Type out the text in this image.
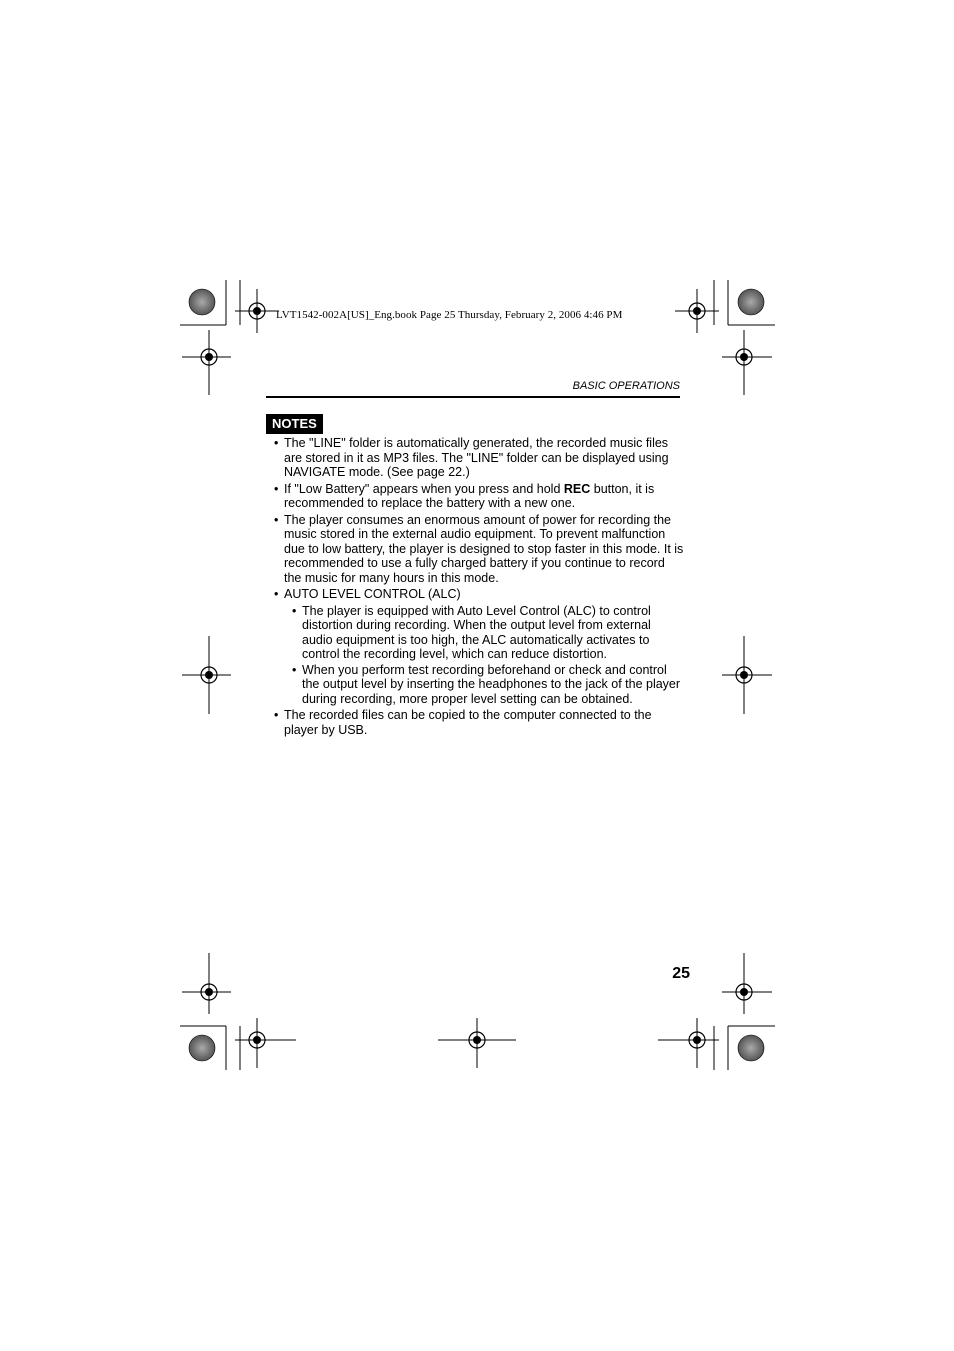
LVT1542-002A[US]_Eng.book Page 25 Thursday, February 2, 2006 4:46 PM
BASIC OPERATIONS
NOTES
• The "LINE" folder is automatically generated, the recorded music files are stored in it as MP3 files. The "LINE" folder can be displayed using NAVIGATE mode. (See page 22.)
• If "Low Battery" appears when you press and hold REC button, it is recommended to replace the battery with a new one.
• The player consumes an enormous amount of power for recording the music stored in the external audio equipment. To prevent malfunction due to low battery, the player is designed to stop faster in this mode. It is recommended to use a fully charged battery if you continue to record the music for many hours in this mode.
• AUTO LEVEL CONTROL (ALC)
• The player is equipped with Auto Level Control (ALC) to control distortion during recording. When the output level from external audio equipment is too high, the ALC automatically activates to control the recording level, which can reduce distortion.
• When you perform test recording beforehand or check and control the output level by inserting the headphones to the jack of the player during recording, more proper level setting can be obtained.
• The recorded files can be copied to the computer connected to the player by USB.
25
